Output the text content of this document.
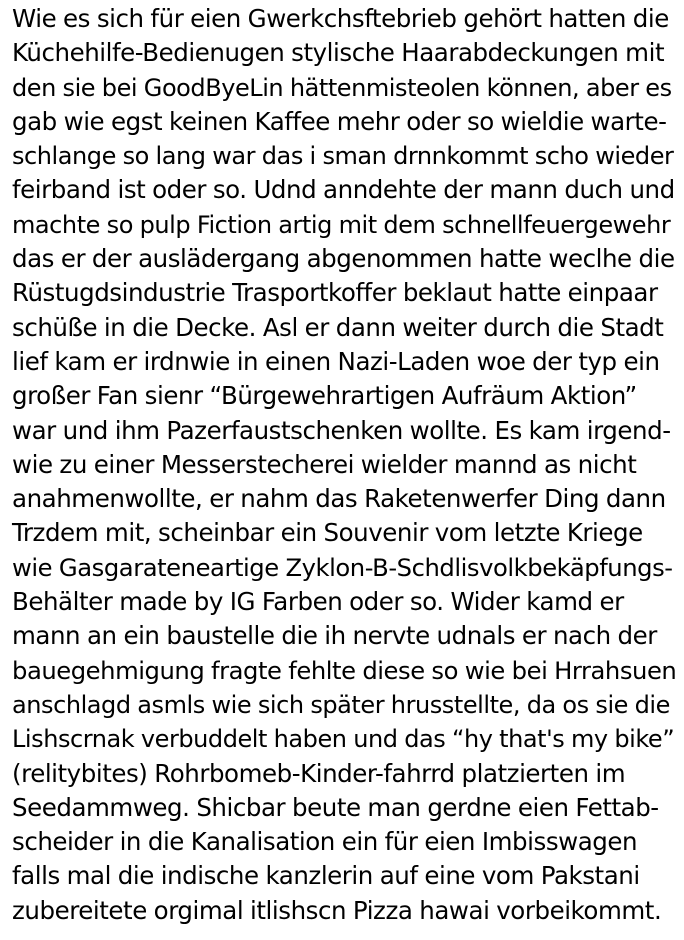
Wie es sich für eien Gwerkchsftebrieb gehört hatten die
Küchehilfe-Bedienugen stylische Haarabdeckungen mit
den sie bei GoodByeLin hättenmisteolen können, aber es
gab wie egst keinen Kaffee mehr oder so wieldie warte-
schlange so lang war das i sman drnnkommt scho wieder
feirband ist oder so. Udnd anndehte der mann duch und
machte so pulp Fiction artig mit dem schnellfeuergewehr
das er der auslädergang abgenommen hatte weclhe die
Rüstugdsindustrie Trasportkoffer beklaut hatte einpaar
schüße in die Decke. Asl er dann weiter durch die Stadt
lief kam er irdnwie in einen Nazi-Laden woe der typ ein
großer Fan sienr “Bürgewehrartigen Aufräum Aktion”
war und ihm Pazerfaustschenken wollte. Es kam irgend-
wie zu einer Messerstecherei wielder mannd as nicht
anahmenwollte, er nahm das Raketenwerfer Ding dann
Trzdem mit, scheinbar ein Souvenir vom letzte Kriege
wie Gasgarateneartige Zyklon-B-Schdlisvolkbekäpfungs-
Behälter made by IG Farben oder so. Wider kamd er
mann an ein baustelle die ih nervte udnals er nach der
bauegehmigung fragte fehlte diese so wie bei Hrrahsuen
anschlagd asmls wie sich später hrusstellte, da os sie die
Lishscrnak verbuddelt haben und das “hy that's my bike”
(relitybites) Rohrbomeb-Kinder-fahrrd platzierten im
Seedammweg. Shicbar beute man gerdne eien Fettab-
scheider in die Kanalisation ein für eien Imbisswagen
falls mal die indische kanzlerin auf eine vom Pakstani
zubereitete orgimal itlishscn Pizza hawai vorbeikommt.
